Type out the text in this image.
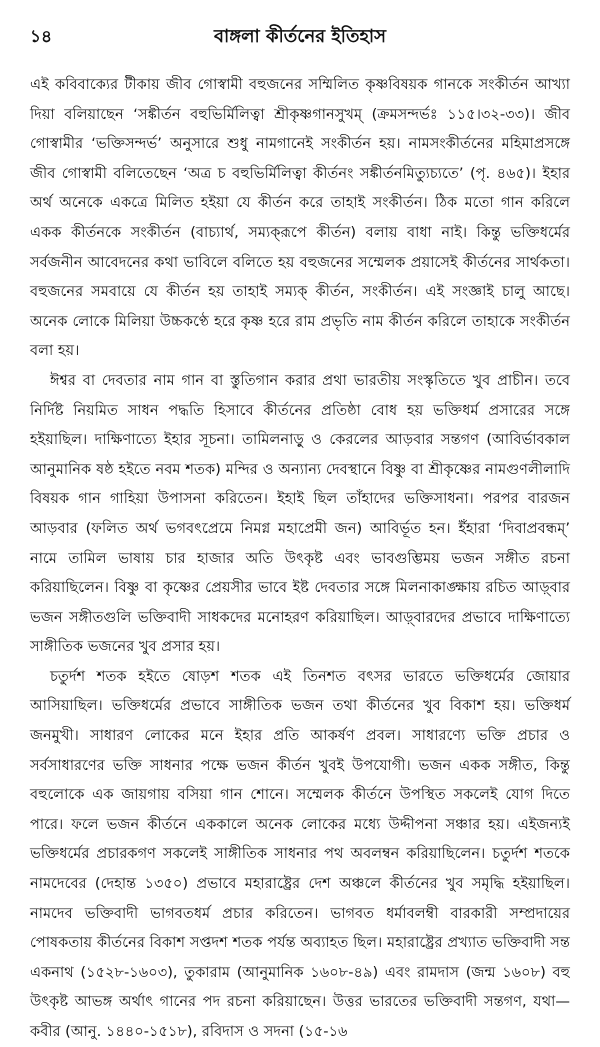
১৪	বাঙ্গলা কীর্তনের ইতিহাস

এই কবিবাক্যের টীকায় জীব গোস্বামী বহুজনের সম্মিলিত কৃষ্ণবিষয়ক গানকে সংকীর্তন আখ্যা দিয়া বলিয়াছেন ‘সঙ্কীর্তন বহুভির্মিলিত্বা শ্রীকৃষ্ণগানসুখম্ (ক্রমসন্দর্ভঃ ১১৫।৩২-৩৩)। জীব গোস্বামীর ‘ভক্তিসন্দর্ভ’ অনুসারে শুধু নামগানেই সংকীর্তন হয়। নামসংকীর্তনের মহিমাপ্রসঙ্গে জীব গোস্বামী বলিতেছেন ‘অত্র চ বহুভির্মিলিত্বা কীর্তনং সঙ্কীর্তনমিত্যুচ্যতে’ (পৃ. ৪৬৫)। ইহার অর্থ অনেকে একত্রে মিলিত হইয়া যে কীর্তন করে তাহাই সংকীর্তন। ঠিক মতো গান করিলে একক কীর্তনকে সংকীর্তন (বাচ্যার্থ, সম্যক্‌রূপে কীর্তন) বলায় বাধা নাই। কিন্তু ভক্তিধর্মের সর্বজনীন আবেদনের কথা ভাবিলে বলিতে হয় বহুজনের সম্মেলক প্রয়াসেই কীর্তনের সার্থকতা। বহুজনের সমবায়ে যে কীর্তন হয় তাহাই সম্যক্ কীর্তন, সংকীর্তন। এই সংজ্ঞাই চালু আছে। অনেক লোকে মিলিয়া উচ্চকণ্ঠে হরে কৃষ্ণ হরে রাম প্রভৃতি নাম কীর্তন করিলে তাহাকে সংকীর্তন বলা হয়।

ঈশ্বর বা দেবতার নাম গান বা স্তুতিগান করার প্রথা ভারতীয় সংস্কৃতিতে খুব প্রাচীন। তবে নির্দিষ্ট নিয়মিত সাধন পদ্ধতি হিসাবে কীর্তনের প্রতিষ্ঠা বোধ হয় ভক্তিধর্ম প্রসারের সঙ্গে হইয়াছিল। দাক্ষিণাত্যে ইহার সূচনা। তামিলনাড়ু ও কেরলের আড়বার সন্তগণ (আবির্ভাবকাল আনুমানিক ষষ্ঠ হইতে নবম শতক) মন্দির ও অন্যান্য দেবস্থানে বিষ্ণু বা শ্রীকৃষ্ণের নামগুণলীলাদি বিষয়ক গান গাহিয়া উপাসনা করিতেন। ইহাই ছিল তাঁহাদের ভক্তিসাধনা। পরপর বারজন আড়বার (ফলিত অর্থ ভগবৎপ্রেমে নিমগ্ন মহাপ্রেমী জন) আবির্ভূত হন। ইঁহারা ‘দিবাপ্রবন্ধম্’ নামে তামিল ভাষায় চার হাজার অতি উৎকৃষ্ট এবং ভাবগুম্ভিময় ভজন সঙ্গীত রচনা করিয়াছিলেন। বিষ্ণু বা কৃষ্ণের প্রেয়সীর ভাবে ইষ্ট দেবতার সঙ্গে মিলনাকাঙ্ক্ষায় রচিত আড়্‌বার ভজন সঙ্গীতগুলি ভক্তিবাদী সাধকদের মনোহরণ করিয়াছিল। আড়্‌বারদের প্রভাবে দাক্ষিণাত্যে সাঙ্গীতিক ভজনের খুব প্রসার হয়।

চতুর্দশ শতক হইতে ষোড়শ শতক এই তিনশত বৎসর ভারতে ভক্তিধর্মের জোয়ার আসিয়াছিল। ভক্তিধর্মের প্রভাবে সাঙ্গীতিক ভজন তথা কীর্তনের খুব বিকাশ হয়। ভক্তিধর্ম জনমুখী। সাধারণ লোকের মনে ইহার প্রতি আকর্ষণ প্রবল। সাধারণ্যে ভক্তি প্রচার ও সর্বসাধারণের ভক্তি সাধনার পক্ষে ভজন কীর্তন খুবই উপযোগী। ভজন একক সঙ্গীত, কিন্তু বহুলোকে এক জায়গায় বসিয়া গান শোনে। সম্মেলক কীর্তনে উপস্থিত সকলেই যোগ দিতে পারে। ফলে ভজন কীর্তনে এককালে অনেক লোকের মধ্যে উদ্দীপনা সঞ্চার হয়। এইজন্যই ভক্তিধর্মের প্রচারকগণ সকলেই সাঙ্গীতিক সাধনার পথ অবলম্বন করিয়াছিলেন। চতুর্দশ শতকে নামদেবের (দেহান্ত ১৩৫০) প্রভাবে মহারাষ্ট্রের দেশ অঞ্চলে কীর্তনের খুব সমৃদ্ধি হইয়াছিল। নামদেব ভক্তিবাদী ভাগবতধর্ম প্রচার করিতেন। ভাগবত ধর্মাবলম্বী বারকারী সম্প্রদায়ের পোষকতায় কীর্তনের বিকাশ সপ্তদশ শতক পর্যন্ত অব্যাহত ছিল। মহারাষ্ট্রের প্রখ্যাত ভক্তিবাদী সন্ত একনাথ (১৫২৮-১৬০৩), তুকারাম (আনুমানিক ১৬০৮-৪৯) এবং রামদাস (জন্ম ১৬০৮) বহু উৎকৃষ্ট আভঙ্গ অর্থাৎ গানের পদ রচনা করিয়াছেন। উত্তর ভারতের ভক্তিবাদী সন্তগণ, যথা—কবীর (আনু. ১৪৪০-১৫১৮), রবিদাস ও সদনা (১৫-১৬
